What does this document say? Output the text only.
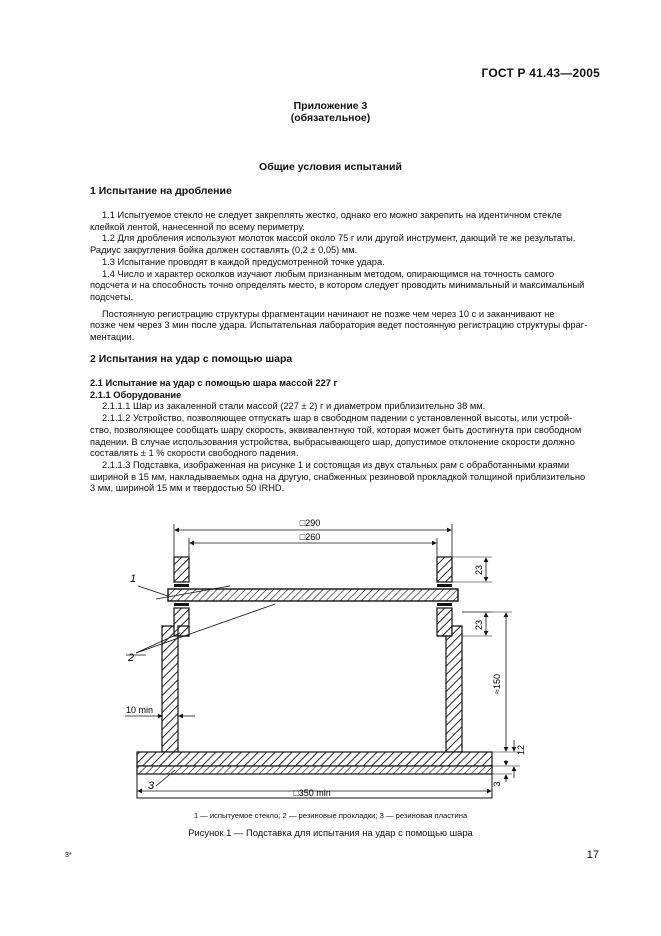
ГОСТ Р 41.43—2005
Приложение 3
(обязательное)
Общие условия испытаний
1 Испытание на дробление

1.1 Испытуемое стекло не следует закреплять жестко, однако его можно закрепить на идентичном стекле
клейкой лентой, нанесенной по всему периметру.

1.2 Для дробления используют молоток массой около 75 г или другой инструмент, дающий те же результаты.
Радиус закругления бойка должен составлять (0,2 ± 0,05) мм.

1.3 Испытание проводят в каждой предусмотренной точке удара.

1.4 Число и характер осколков изучают любым признанным методом, опирающимся на точность самого
подсчета и на способность точно определять место, в котором следует проводить минимальный и максимальный
подсчеты.

Постоянную регистрацию структуры фрагментации начинают не позже чем через 10 с и заканчивают не
позже чем через 3 мин после удара. Испытательная лаборатория ведет постоянную регистрацию структуры фраг-
ментации.

2 Испытания на удар с помощью шара
2.1 Испытание на удар с помощью шара массой 227 г
2.1.1 Оборудование

2.1.1.1 Шар из закаленной стали массой (227 ± 2) г и диаметром приблизительно 38 мм.

2.1.1.2 Устройство, позволяющее отпускать шар в свободном падении с установленной высоты, или устрой-
ство, позволяющее сообщать шару скорость, эквивалентную той, которая может быть достигнута при свободном
падении. В случае использования устройства, выбрасывающего шар, допустимое отклонение скорости должно
составлять ± 1 % скорости свободного падения.

2.1.1.3 Подставка, изображенная на рисунке 1 и состоящая из двух стальных рам с обработанными краями
шириной в 15 мм, накладываемых одна на другую, снабженных резиновой прокладкой толщиной приблизительно
3 мм, шириной 15 мм и твердостью 50 IRHD.

□290
□260
23
23
≈150
12
3
10 min
□350 min
1
2
3
1 — испытуемое стекло; 2 — резиновые прокладки; 3 — резиновая пластина
Рисунок 1 — Подставка для испытания на удар с помощью шара
3*	17
